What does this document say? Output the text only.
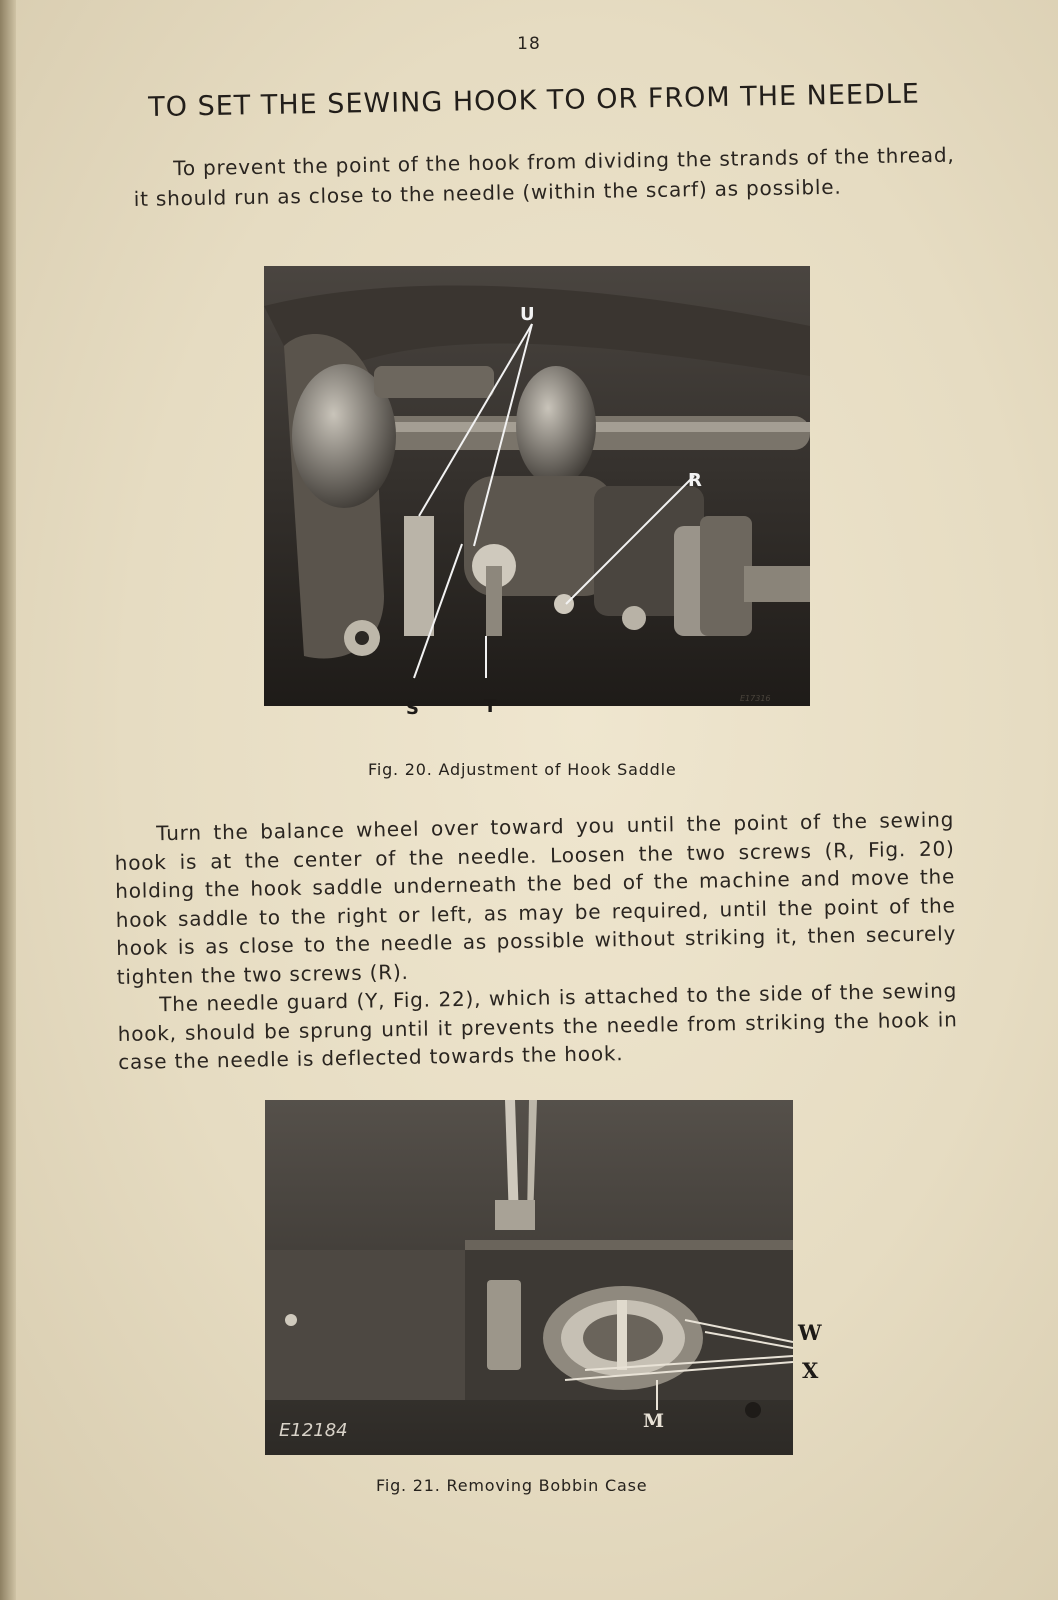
18
TO SET THE SEWING HOOK TO OR FROM THE NEEDLE
To prevent the point of the hook from dividing the strands of the thread, it should run as close to the needle (within the scarf) as possible.
U
R
E17316
S	T
Fig. 20. Adjustment of Hook Saddle

Turn the balance wheel over toward you until the point of the sewing hook is at the center of the needle. Loosen the two screws (R, Fig. 20) holding the hook saddle underneath the bed of the machine and move the hook saddle to the right or left, as may be required, until the point of the hook is as close to the needle as possible without striking it, then securely tighten the two screws (R).

The needle guard (Y, Fig. 22), which is attached to the side of the sewing hook, should be sprung until it prevents the needle from striking the hook in case the needle is deflected towards the hook.

E12184	M
W
X
Fig. 21. Removing Bobbin Case
